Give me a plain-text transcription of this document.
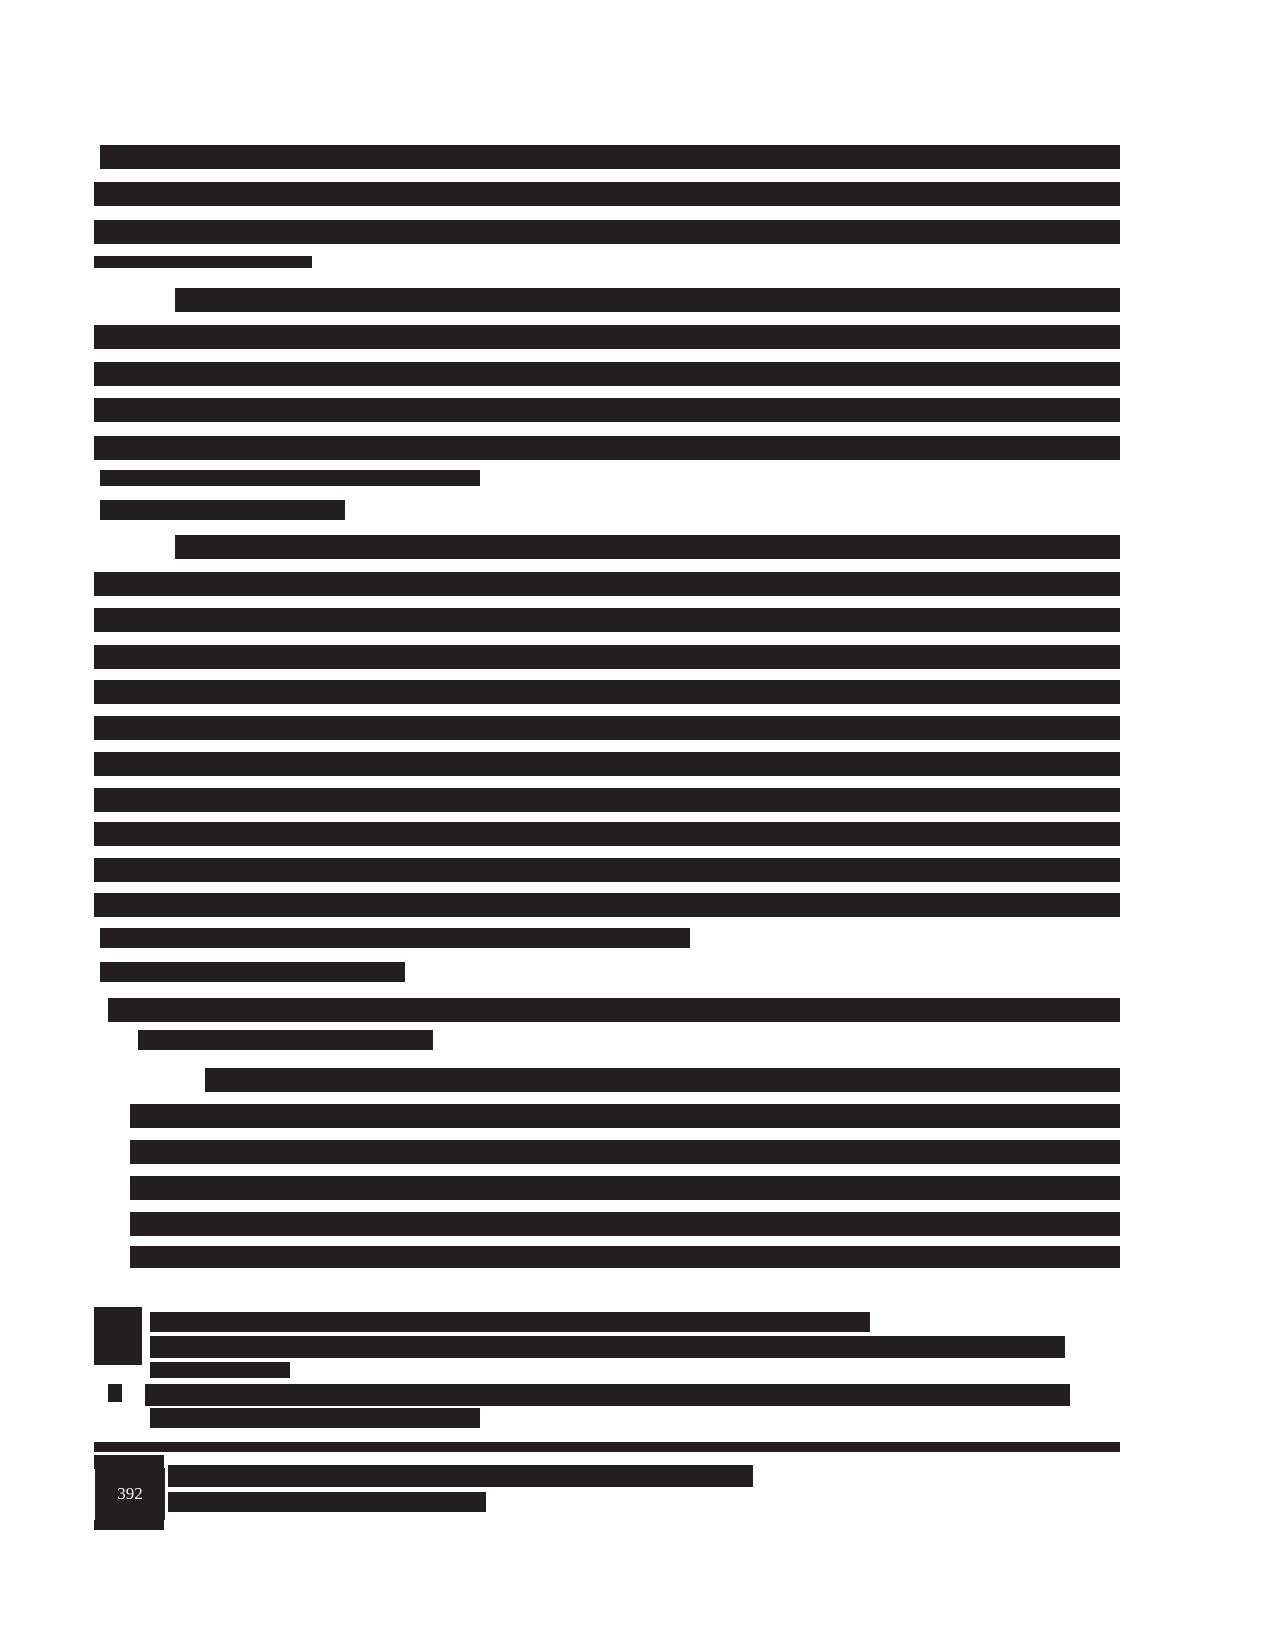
392
